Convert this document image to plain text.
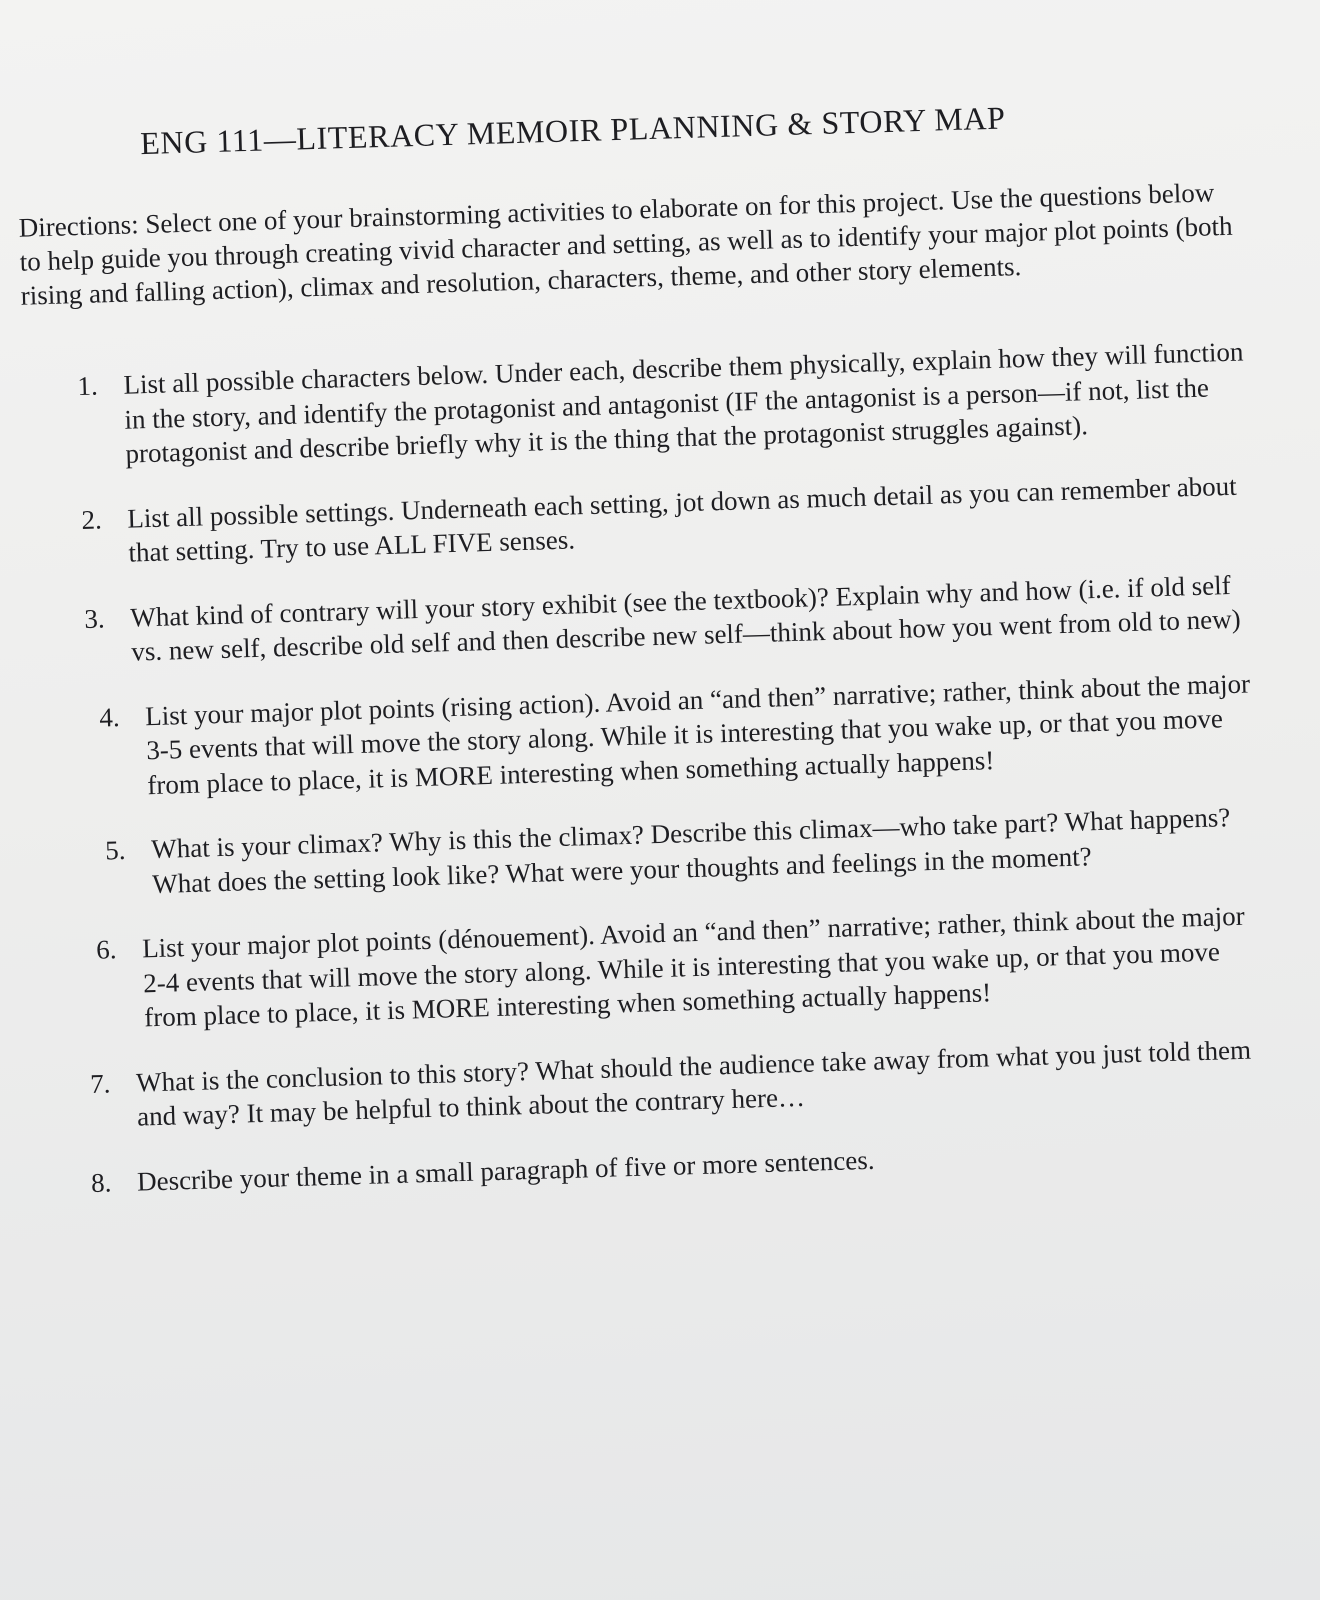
ENG 111—LITERACY MEMOIR PLANNING & STORY MAP
Directions: Select one of your brainstorming activities to elaborate on for this project. Use the questions below to help guide you through creating vivid character and setting, as well as to identify your major plot points (both rising and falling action), climax and resolution, characters, theme, and other story elements.
1. List all possible characters below. Under each, describe them physically, explain how they will function in the story, and identify the protagonist and antagonist (IF the antagonist is a person—if not, list the protagonist and describe briefly why it is the thing that the protagonist struggles against).
2. List all possible settings. Underneath each setting, jot down as much detail as you can remember about that setting. Try to use ALL FIVE senses.
3. What kind of contrary will your story exhibit (see the textbook)? Explain why and how (i.e. if old self vs. new self, describe old self and then describe new self—think about how you went from old to new)
4. List your major plot points (rising action). Avoid an “and then” narrative; rather, think about the major 3-5 events that will move the story along. While it is interesting that you wake up, or that you move from place to place, it is MORE interesting when something actually happens!
5. What is your climax? Why is this the climax? Describe this climax—who take part? What happens? What does the setting look like? What were your thoughts and feelings in the moment?
6. List your major plot points (dénouement). Avoid an “and then” narrative; rather, think about the major 2-4 events that will move the story along. While it is interesting that you wake up, or that you move from place to place, it is MORE interesting when something actually happens!
7. What is the conclusion to this story? What should the audience take away from what you just told them and way? It may be helpful to think about the contrary here…
8. Describe your theme in a small paragraph of five or more sentences.
